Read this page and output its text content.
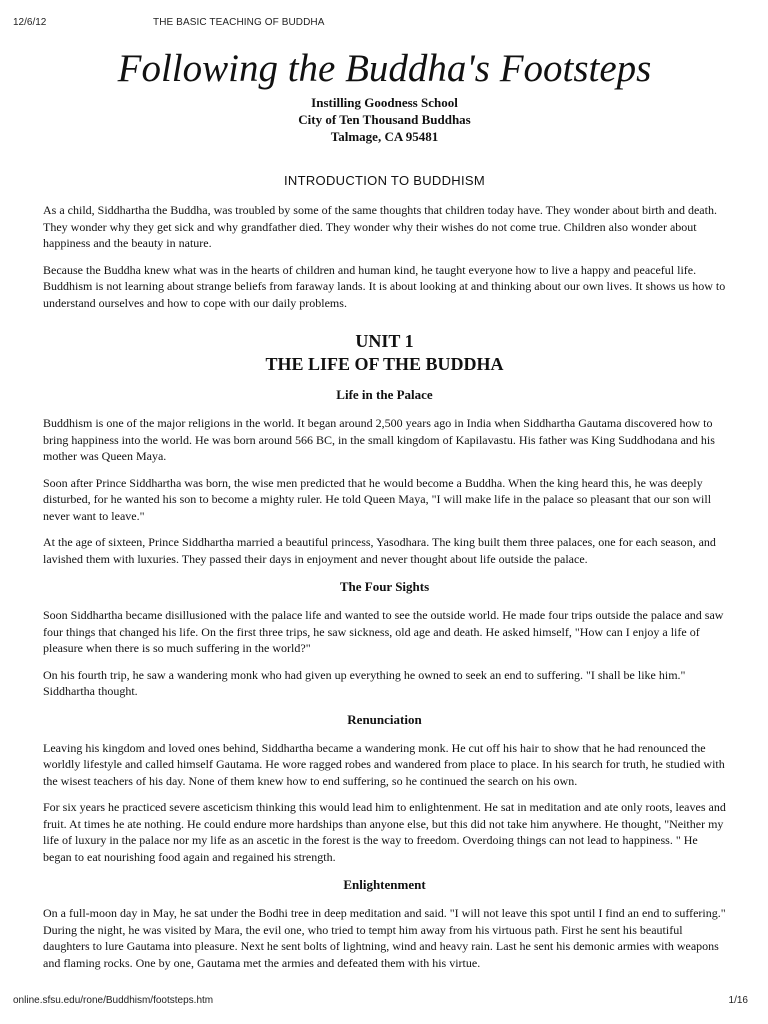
12/6/12	THE BASIC TEACHING OF BUDDHA
Following the Buddha's Footsteps
Instilling Goodness School
City of Ten Thousand Buddhas
Talmage, CA 95481
INTRODUCTION TO BUDDHISM

As a child, Siddhartha the Buddha, was troubled by some of the same thoughts that children today have. They wonder about birth and death. They wonder why they get sick and why grandfather died. They wonder why their wishes do not come true. Children also wonder about happiness and the beauty in nature.

Because the Buddha knew what was in the hearts of children and human kind, he taught everyone how to live a happy and peaceful life. Buddhism is not learning about strange beliefs from faraway lands. It is about looking at and thinking about our own lives. It shows us how to understand ourselves and how to cope with our daily problems.

UNIT 1
THE LIFE OF THE BUDDHA
Life in the Palace

Buddhism is one of the major religions in the world. It began around 2,500 years ago in India when Siddhartha Gautama discovered how to bring happiness into the world. He was born around 566 BC, in the small kingdom of Kapilavastu. His father was King Suddhodana and his mother was Queen Maya.

Soon after Prince Siddhartha was born, the wise men predicted that he would become a Buddha. When the king heard this, he was deeply disturbed, for he wanted his son to become a mighty ruler. He told Queen Maya, "I will make life in the palace so pleasant that our son will never want to leave."

At the age of sixteen, Prince Siddhartha married a beautiful princess, Yasodhara. The king built them three palaces, one for each season, and lavished them with luxuries. They passed their days in enjoyment and never thought about life outside the palace.

The Four Sights

Soon Siddhartha became disillusioned with the palace life and wanted to see the outside world. He made four trips outside the palace and saw four things that changed his life. On the first three trips, he saw sickness, old age and death. He asked himself, "How can I enjoy a life of pleasure when there is so much suffering in the world?"

On his fourth trip, he saw a wandering monk who had given up everything he owned to seek an end to suffering. "I shall be like him." Siddhartha thought.

Renunciation

Leaving his kingdom and loved ones behind, Siddhartha became a wandering monk. He cut off his hair to show that he had renounced the worldly lifestyle and called himself Gautama. He wore ragged robes and wandered from place to place. In his search for truth, he studied with the wisest teachers of his day. None of them knew how to end suffering, so he continued the search on his own.

For six years he practiced severe asceticism thinking this would lead him to enlightenment. He sat in meditation and ate only roots, leaves and fruit. At times he ate nothing. He could endure more hardships than anyone else, but this did not take him anywhere. He thought, "Neither my life of luxury in the palace nor my life as an ascetic in the forest is the way to freedom. Overdoing things can not lead to happiness. " He began to eat nourishing food again and regained his strength.

Enlightenment

On a full-moon day in May, he sat under the Bodhi tree in deep meditation and said. "I will not leave this spot until I find an end to suffering." During the night, he was visited by Mara, the evil one, who tried to tempt him away from his virtuous path. First he sent his beautiful daughters to lure Gautama into pleasure. Next he sent bolts of lightning, wind and heavy rain. Last he sent his demonic armies with weapons and flaming rocks. One by one, Gautama met the armies and defeated them with his virtue.

online.sfsu.edu/rone/Buddhism/footsteps.htm	1/16
